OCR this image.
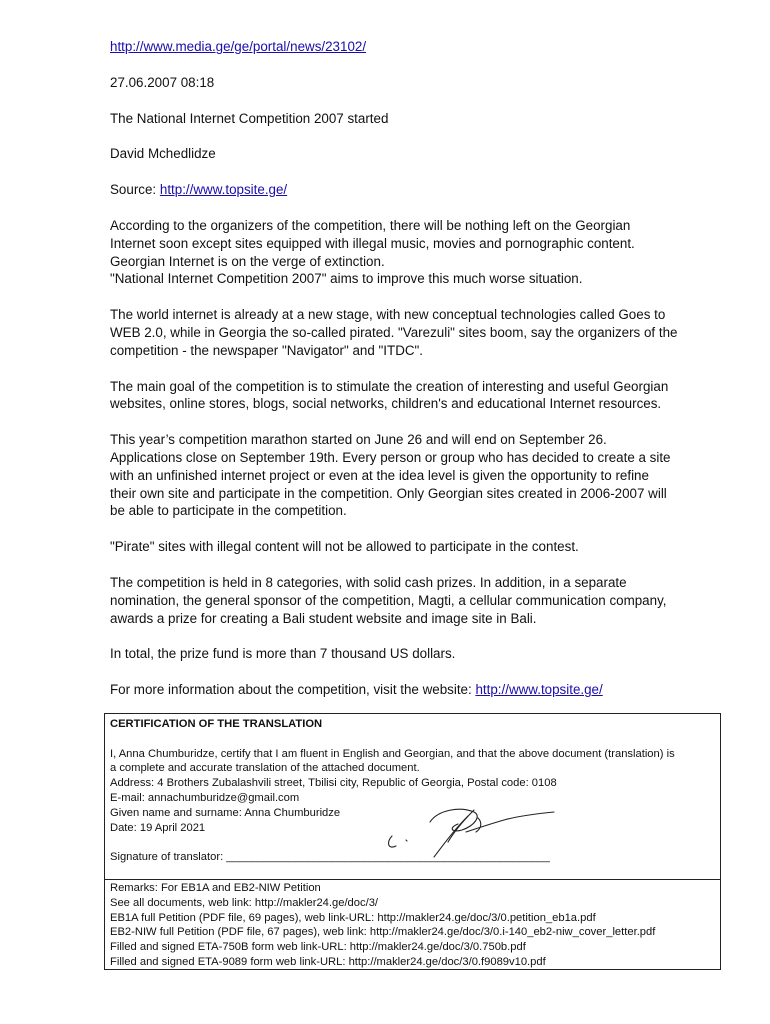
http://www.media.ge/ge/portal/news/23102/

27.06.2007 08:18

The National Internet Competition 2007 started

David Mchedlidze

Source: http://www.topsite.ge/

According to the organizers of the competition, there will be nothing left on the Georgian
Internet soon except sites equipped with illegal music, movies and pornographic content.
Georgian Internet is on the verge of extinction.
"National Internet Competition 2007" aims to improve this much worse situation.
The world internet is already at a new stage, with new conceptual technologies called Goes to
WEB 2.0, while in Georgia the so-called pirated. "Varezuli" sites boom, say the organizers of the
competition - the newspaper "Navigator" and "ITDC".
The main goal of the competition is to stimulate the creation of interesting and useful Georgian
websites, online stores, blogs, social networks, children's and educational Internet resources.
This year’s competition marathon started on June 26 and will end on September 26.
Applications close on September 19th. Every person or group who has decided to create a site
with an unfinished internet project or even at the idea level is given the opportunity to refine
their own site and participate in the competition. Only Georgian sites created in 2006-2007 will
be able to participate in the competition.
"Pirate" sites with illegal content will not be allowed to participate in the contest.
The competition is held in 8 categories, with solid cash prizes. In addition, in a separate
nomination, the general sponsor of the competition, Magti, a cellular communication company,
awards a prize for creating a Bali student website and image site in Bali.
In total, the prize fund is more than 7 thousand US dollars.

For more information about the competition, visit the website: http://www.topsite.ge/

CERTIFICATION OF THE TRANSLATION

I, Anna Chumburidze, certify that I am fluent in English and Georgian, and that the above document (translation) is

a complete and accurate translation of the attached document.

Address: 4 Brothers Zubalashvili street, Tbilisi city, Republic of Georgia, Postal code: 0108

E-mail: annachumburidze@gmail.com

Given name and surname: Anna Chumburidze

Date: 19 April 2021

Signature of translator: ____________________________________________________

Remarks: For EB1A and EB2-NIW Petition

See all documents, web link: http://makler24.ge/doc/3/

EB1A full Petition (PDF file, 69 pages), web link-URL: http://makler24.ge/doc/3/0.petition_eb1a.pdf

EB2-NIW full Petition (PDF file, 67 pages), web link: http://makler24.ge/doc/3/0.i-140_eb2-niw_cover_letter.pdf

Filled and signed ETA-750B form web link-URL: http://makler24.ge/doc/3/0.750b.pdf

Filled and signed ETA-9089 form web link-URL: http://makler24.ge/doc/3/0.f9089v10.pdf
